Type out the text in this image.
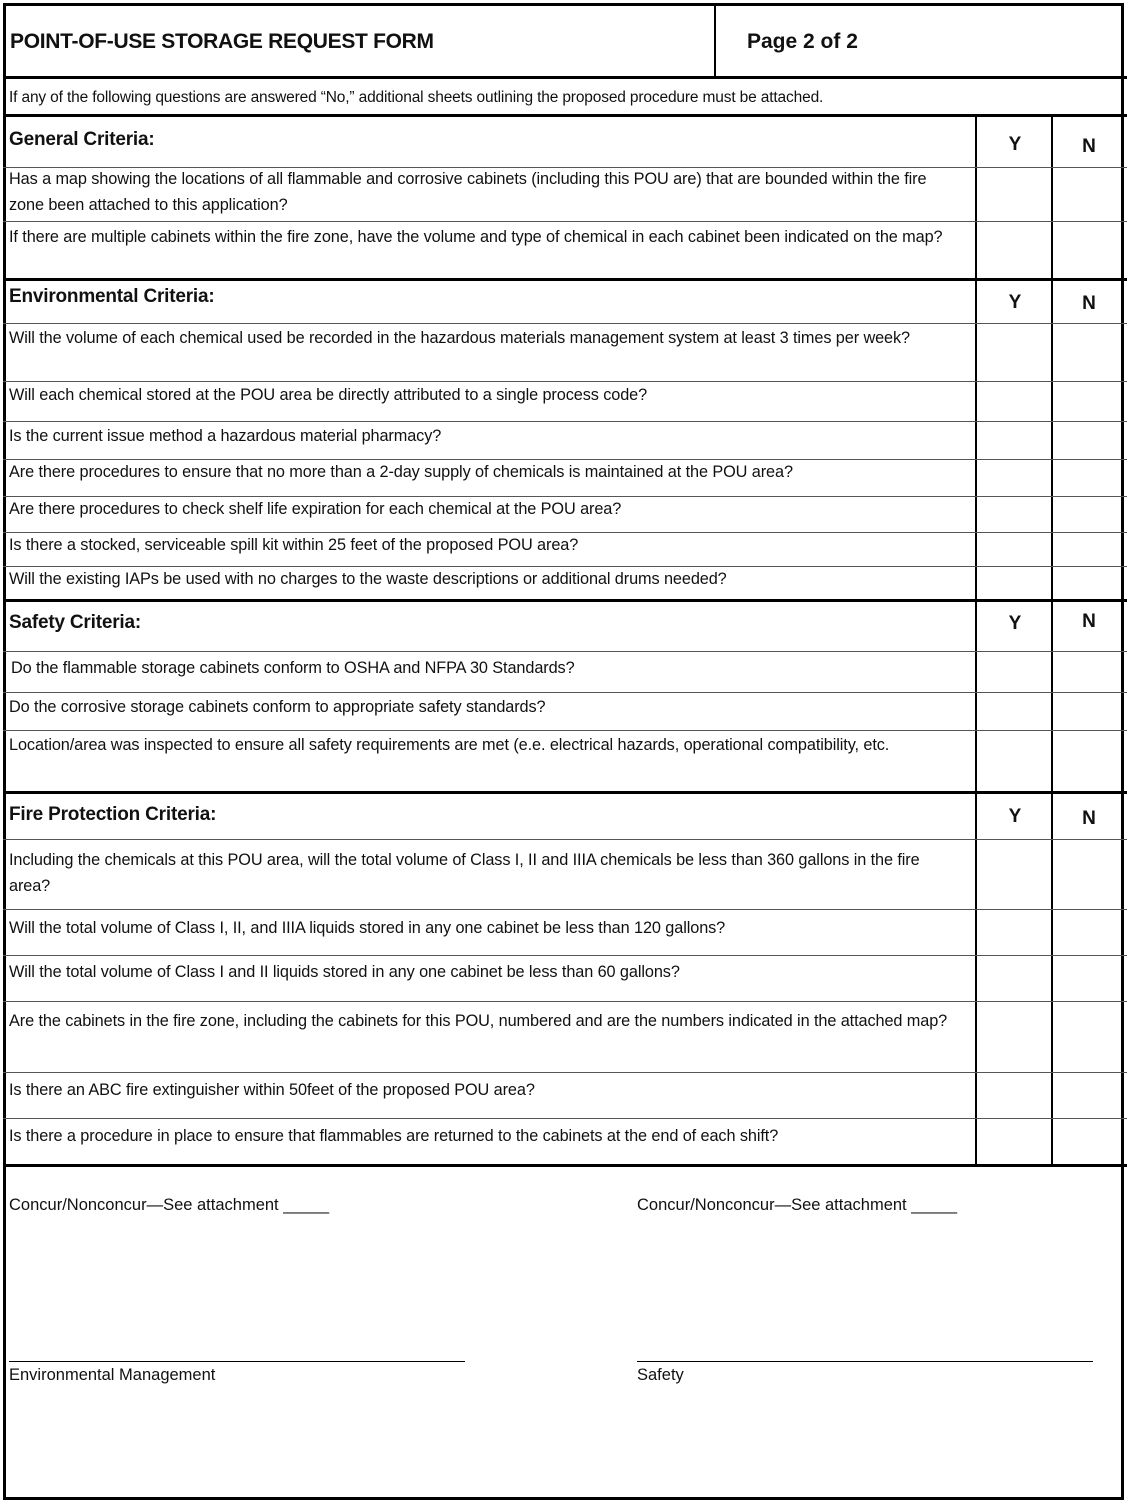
POINT-OF-USE STORAGE REQUEST FORM	Page 2 of 2
If any of the following questions are answered “No,” additional sheets outlining the proposed procedure must be attached.
General Criteria:	Y	N
Has a map showing the locations of all flammable and corrosive cabinets (including this POU are) that are bounded within the fire zone been attached to this application?
If there are multiple cabinets within the fire zone, have the volume and type of chemical in each cabinet been indicated on the map?
Environmental Criteria:	Y	N
Will the volume of each chemical used be recorded in the hazardous materials management system at least 3 times per week?
Will each chemical stored at the POU area be directly attributed to a single process code?
Is the current issue method a hazardous material pharmacy?
Are there procedures to ensure that no more than a 2-day supply of chemicals is maintained at the POU area?
Are there procedures to check shelf life expiration for each chemical at the POU area?
Is there a stocked, serviceable spill kit within 25 feet of the proposed POU area?
Will the existing IAPs be used with no charges to the waste descriptions or additional drums needed?
Safety Criteria:	Y	N
Do the flammable storage cabinets conform to OSHA and NFPA 30 Standards?
Do the corrosive storage cabinets conform to appropriate safety standards?
Location/area was inspected to ensure all safety requirements are met (e.e. electrical hazards, operational compatibility, etc.
Fire Protection Criteria:	Y	N
Including the chemicals at this POU area, will the total volume of Class I, II and IIIA chemicals be less than 360 gallons in the fire area?
Will the total volume of Class I, II, and IIIA liquids stored in any one cabinet be less than 120 gallons?
Will the total volume of Class I and II liquids stored in any one cabinet be less than 60 gallons?
Are the cabinets in the fire zone, including the cabinets for this POU, numbered and are the numbers indicated in the attached map?
Is there an ABC fire extinguisher within 50feet of the proposed POU area?
Is there a procedure in place to ensure that flammables are returned to the cabinets at the end of each shift?
Concur/Nonconcur—See attachment _____	Concur/Nonconcur—See attachment _____
Environmental Management	Safety
